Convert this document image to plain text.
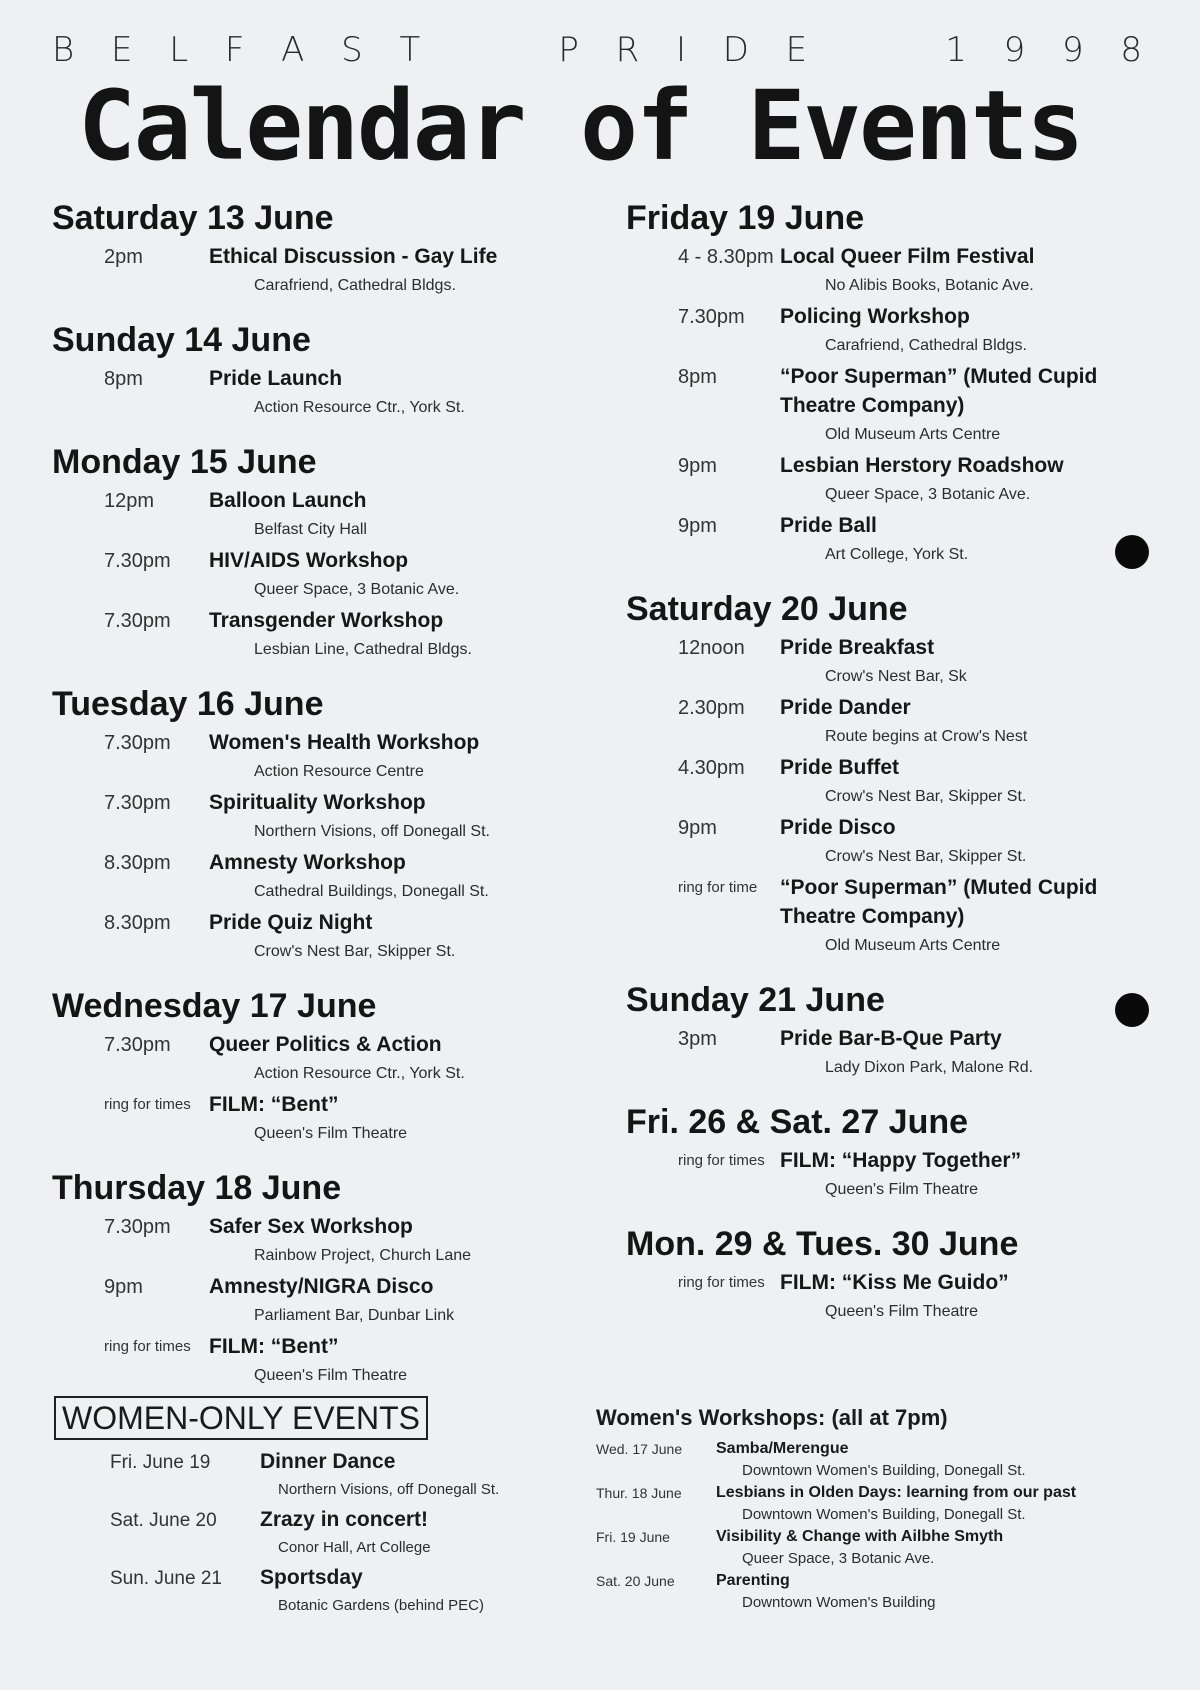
B E L F A S T	P R I D E	1 9 9 8
Calendar of Events
Saturday 13 June
2pm	Ethical Discussion - Gay Life
Carafriend, Cathedral Bldgs.
Sunday 14 June
8pm	Pride Launch
Action Resource Ctr., York St.
Monday 15 June
12pm	Balloon Launch
Belfast City Hall
7.30pm	HIV/AIDS Workshop
Queer Space, 3 Botanic Ave.
7.30pm	Transgender Workshop
Lesbian Line, Cathedral Bldgs.
Tuesday 16 June
7.30pm	Women's Health Workshop
Action Resource Centre
7.30pm	Spirituality Workshop
Northern Visions, off Donegall St.
8.30pm	Amnesty Workshop
Cathedral Buildings, Donegall St.
8.30pm	Pride Quiz Night
Crow's Nest Bar, Skipper St.
Wednesday 17 June
7.30pm	Queer Politics & Action
Action Resource Ctr., York St.
ring for times FILM: “Bent”
Queen's Film Theatre
Thursday 18 June
7.30pm	Safer Sex Workshop
Rainbow Project, Church Lane
9pm	Amnesty/NIGRA Disco
Parliament Bar, Dunbar Link
ring for times FILM: “Bent”
Queen's Film Theatre
Friday 19 June
4 - 8.30pm Local Queer Film Festival
No Alibis Books, Botanic Ave.
7.30pm	Policing Workshop
Carafriend, Cathedral Bldgs.
8pm	“Poor Superman” (Muted Cupid Theatre Company)
Old Museum Arts Centre
9pm	Lesbian Herstory Roadshow
Queer Space, 3 Botanic Ave.
9pm	Pride Ball
Art College, York St.
Saturday 20 June
12noon	Pride Breakfast
Crow's Nest Bar, Sk
2.30pm	Pride Dander
Route begins at Crow's Nest
4.30pm	Pride Buffet
Crow's Nest Bar, Skipper St.
9pm	Pride Disco
Crow's Nest Bar, Skipper St.
ring for time	“Poor Superman” (Muted Cupid Theatre Company)
Old Museum Arts Centre
Sunday 21 June
3pm	Pride Bar-B-Que Party
Lady Dixon Park, Malone Rd.
Fri. 26 & Sat. 27 June
ring for times FILM: “Happy Together”
Queen's Film Theatre
Mon. 29 & Tues. 30 June
ring for times FILM: “Kiss Me Guido”
Queen's Film Theatre
WOMEN-ONLY EVENTS
Fri. June 19	Dinner Dance
Northern Visions, off Donegall St.
Sat. June 20	Zrazy in concert!
Conor Hall, Art College
Sun. June 21	Sportsday
Botanic Gardens (behind PEC)
Women's Workshops: (all at 7pm)
Wed. 17 June	Samba/Merengue
Downtown Women's Building, Donegall St.
Thur. 18 June	Lesbians in Olden Days: learning from our past
Downtown Women's Building, Donegall St.
Fri. 19 June	Visibility & Change with Ailbhe Smyth
Queer Space, 3 Botanic Ave.
Sat. 20 June	Parenting
Downtown Women's Building
